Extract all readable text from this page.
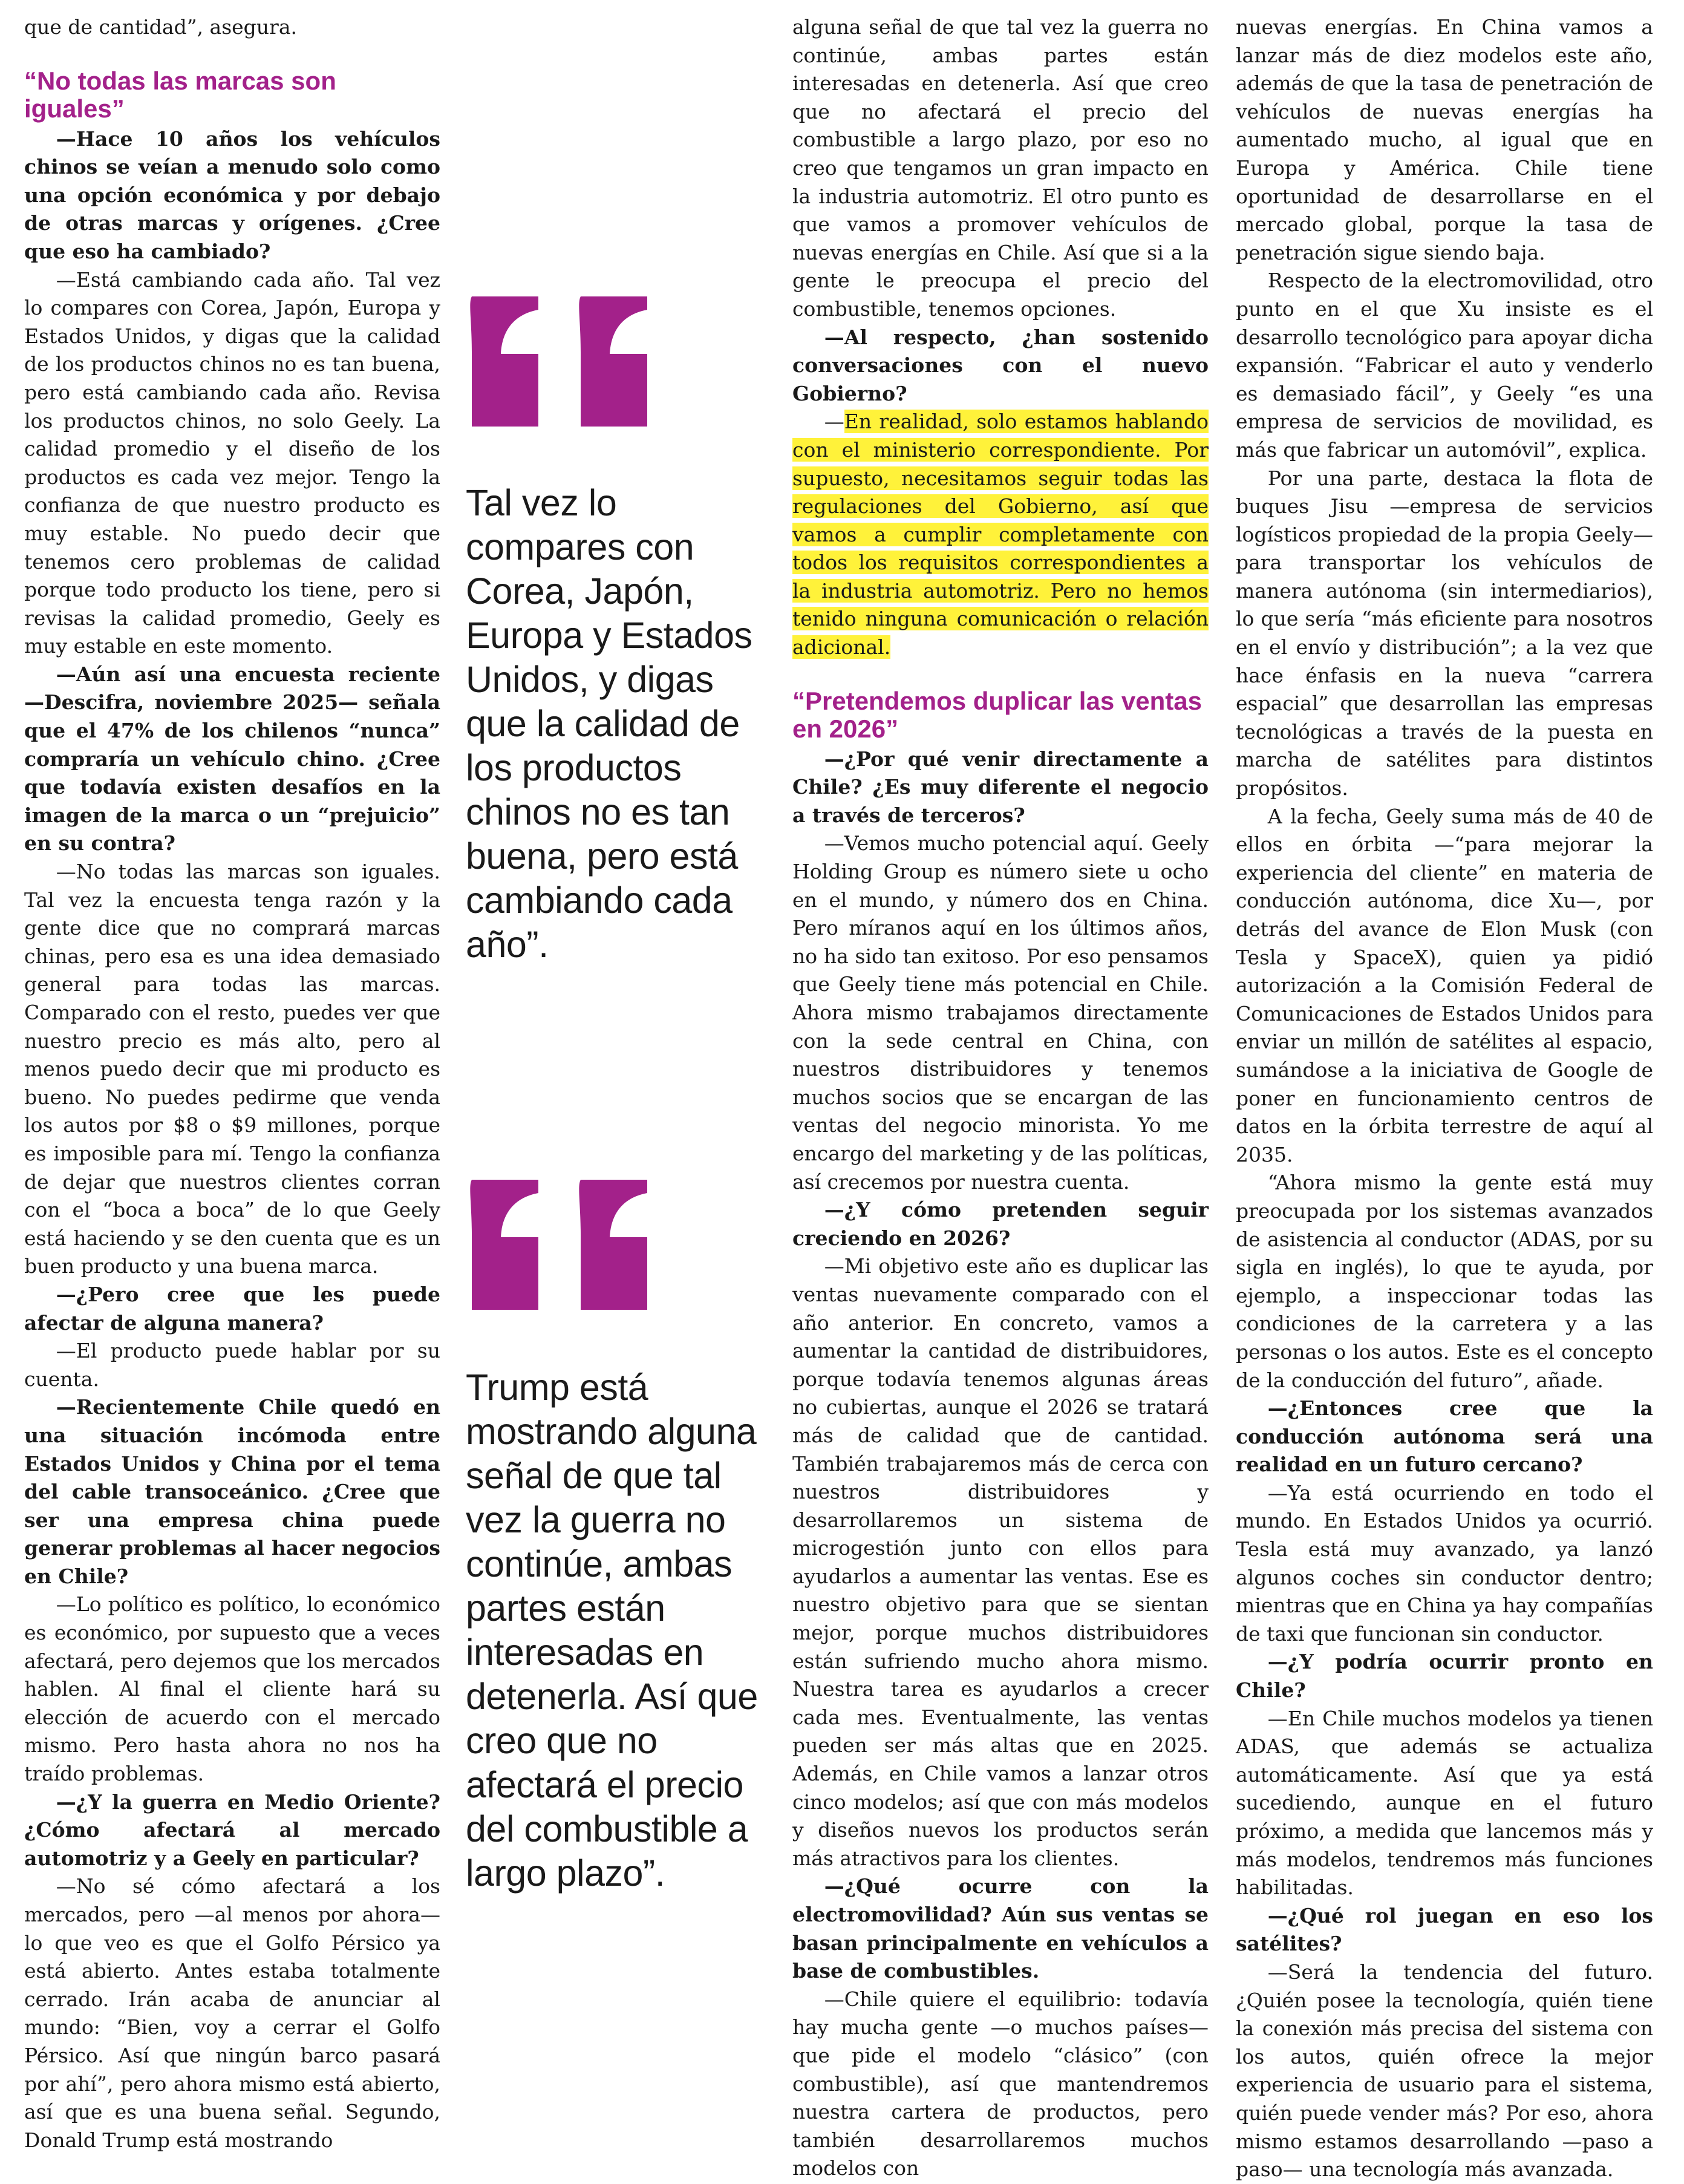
que de cantidad”, asegura.

“No todas las marcas son iguales”

—Hace 10 años los vehículos chinos se veían a menudo solo como una opción económica y por debajo de otras marcas y orígenes. ¿Cree que eso ha cambiado?

—Está cambiando cada año. Tal vez lo compares con Corea, Japón, Europa y Estados Unidos, y digas que la calidad de los productos chinos no es tan buena, pero está cambiando cada año. Revisa los productos chinos, no solo Geely. La calidad promedio y el diseño de los productos es cada vez mejor. Tengo la confianza de que nuestro producto es muy estable. No puedo decir que tenemos cero problemas de calidad porque todo producto los tiene, pero si revisas la calidad promedio, Geely es muy estable en este momento.

—Aún así una encuesta reciente —Descifra, noviembre 2025— señala que el 47% de los chilenos “nunca” compraría un vehículo chino. ¿Cree que todavía existen desafíos en la imagen de la marca o un “prejuicio” en su contra?

—No todas las marcas son iguales. Tal vez la encuesta tenga razón y la gente dice que no comprará marcas chinas, pero esa es una idea demasiado general para todas las marcas. Comparado con el resto, puedes ver que nuestro precio es más alto, pero al menos puedo decir que mi producto es bueno. No puedes pedirme que venda los autos por $8 o $9 millones, porque es imposible para mí. Tengo la confianza de dejar que nuestros clientes corran con el “boca a boca” de lo que Geely está haciendo y se den cuenta que es un buen producto y una buena marca.

—¿Pero cree que les puede afectar de alguna manera?

—El producto puede hablar por su cuenta.

—Recientemente Chile quedó en una situación incómoda entre Estados Unidos y China por el tema del cable transoceánico. ¿Cree que ser una empresa china puede generar problemas al hacer negocios en Chile?

—Lo político es político, lo económico es económico, por supuesto que a veces afectará, pero dejemos que los mercados hablen. Al final el cliente hará su elección de acuerdo con el mercado mismo. Pero hasta ahora no nos ha traído problemas.

—¿Y la guerra en Medio Oriente? ¿Cómo afectará al mercado automotriz y a Geely en particular?

—No sé cómo afectará a los mercados, pero —al menos por ahora— lo que veo es que el Golfo Pérsico ya está abierto. Antes estaba totalmente cerrado. Irán acaba de anunciar al mundo: “Bien, voy a cerrar el Golfo Pérsico. Así que ningún barco pasará por ahí”, pero ahora mismo está abierto, así que es una buena señal. Segundo, Donald Trump está mostrando

Tal vez lo compares con Corea, Japón, Europa y Estados Unidos, y digas que la calidad de los productos chinos no es tan buena, pero está cambiando cada año”.

Trump está mostrando alguna señal de que tal vez la guerra no continúe, ambas partes están interesadas en detenerla. Así que creo que no afectará el precio del combustible a largo plazo”.

alguna señal de que tal vez la guerra no continúe, ambas partes están interesadas en detenerla. Así que creo que no afectará el precio del combustible a largo plazo, por eso no creo que tengamos un gran impacto en la industria automotriz. El otro punto es que vamos a promover vehículos de nuevas energías en Chile. Así que si a la gente le preocupa el precio del combustible, tenemos opciones.

—Al respecto, ¿han sostenido conversaciones con el nuevo Gobierno?

—En realidad, solo estamos hablando con el ministerio correspondiente. Por supuesto, necesitamos seguir todas las regulaciones del Gobierno, así que vamos a cumplir completamente con todos los requisitos correspondientes a la industria automotriz. Pero no hemos tenido ninguna comunicación o relación adicional.

“Pretendemos duplicar las ventas en 2026”

—¿Por qué venir directamente a Chile? ¿Es muy diferente el negocio a través de terceros?

—Vemos mucho potencial aquí. Geely Holding Group es número siete u ocho en el mundo, y número dos en China. Pero míranos aquí en los últimos años, no ha sido tan exitoso. Por eso pensamos que Geely tiene más potencial en Chile. Ahora mismo trabajamos directamente con la sede central en China, con nuestros distribuidores y tenemos muchos socios que se encargan de las ventas del negocio minorista. Yo me encargo del marketing y de las políticas, así crecemos por nuestra cuenta.

—¿Y cómo pretenden seguir creciendo en 2026?

—Mi objetivo este año es duplicar las ventas nuevamente comparado con el año anterior. En concreto, vamos a aumentar la cantidad de distribuidores, porque todavía tenemos algunas áreas no cubiertas, aunque el 2026 se tratará más de calidad que de cantidad. También trabajaremos más de cerca con nuestros distribuidores y desarrollaremos un sistema de microgestión junto con ellos para ayudarlos a aumentar las ventas. Ese es nuestro objetivo para que se sientan mejor, porque muchos distribuidores están sufriendo mucho ahora mismo. Nuestra tarea es ayudarlos a crecer cada mes. Eventualmente, las ventas pueden ser más altas que en 2025. Además, en Chile vamos a lanzar otros cinco modelos; así que con más modelos y diseños nuevos los productos serán más atractivos para los clientes.

—¿Qué ocurre con la electromovilidad? Aún sus ventas se basan principalmente en vehículos a base de combustibles.

—Chile quiere el equilibrio: todavía hay mucha gente —o muchos países— que pide el modelo “clásico” (con combustible), así que mantendremos nuestra cartera de productos, pero también desarrollaremos muchos modelos con

nuevas energías. En China vamos a lanzar más de diez modelos este año, además de que la tasa de penetración de vehículos de nuevas energías ha aumentado mucho, al igual que en Europa y América. Chile tiene oportunidad de desarrollarse en el mercado global, porque la tasa de penetración sigue siendo baja.

Respecto de la electromovilidad, otro punto en el que Xu insiste es el desarrollo tecnológico para apoyar dicha expansión. “Fabricar el auto y venderlo es demasiado fácil”, y Geely “es una empresa de servicios de movilidad, es más que fabricar un automóvil”, explica.

Por una parte, destaca la flota de buques Jisu —empresa de servicios logísticos propiedad de la propia Geely— para transportar los vehículos de manera autónoma (sin intermediarios), lo que sería “más eficiente para nosotros en el envío y distribución”; a la vez que hace énfasis en la nueva “carrera espacial” que desarrollan las empresas tecnológicas a través de la puesta en marcha de satélites para distintos propósitos.

A la fecha, Geely suma más de 40 de ellos en órbita —“para mejorar la experiencia del cliente” en materia de conducción autónoma, dice Xu—, por detrás del avance de Elon Musk (con Tesla y SpaceX), quien ya pidió autorización a la Comisión Federal de Comunicaciones de Estados Unidos para enviar un millón de satélites al espacio, sumándose a la iniciativa de Google de poner en funcionamiento centros de datos en la órbita terrestre de aquí al 2035.

“Ahora mismo la gente está muy preocupada por los sistemas avanzados de asistencia al conductor (ADAS, por su sigla en inglés), lo que te ayuda, por ejemplo, a inspeccionar todas las condiciones de la carretera y a las personas o los autos. Este es el concepto de la conducción del futuro”, añade.

—¿Entonces cree que la conducción autónoma será una realidad en un futuro cercano?

—Ya está ocurriendo en todo el mundo. En Estados Unidos ya ocurrió. Tesla está muy avanzado, ya lanzó algunos coches sin conductor dentro; mientras que en China ya hay compañías de taxi que funcionan sin conductor.

—¿Y podría ocurrir pronto en Chile?

—En Chile muchos modelos ya tienen ADAS, que además se actualiza automáticamente. Así que ya está sucediendo, aunque en el futuro próximo, a medida que lancemos más y más modelos, tendremos más funciones habilitadas.

—¿Qué rol juegan en eso los satélites?

—Será la tendencia del futuro. ¿Quién posee la tecnología, quién tiene la conexión más precisa del sistema con los autos, quién ofrece la mejor experiencia de usuario para el sistema, quién puede vender más? Por eso, ahora mismo estamos desarrollando —paso a paso— una tecnología más avanzada.
